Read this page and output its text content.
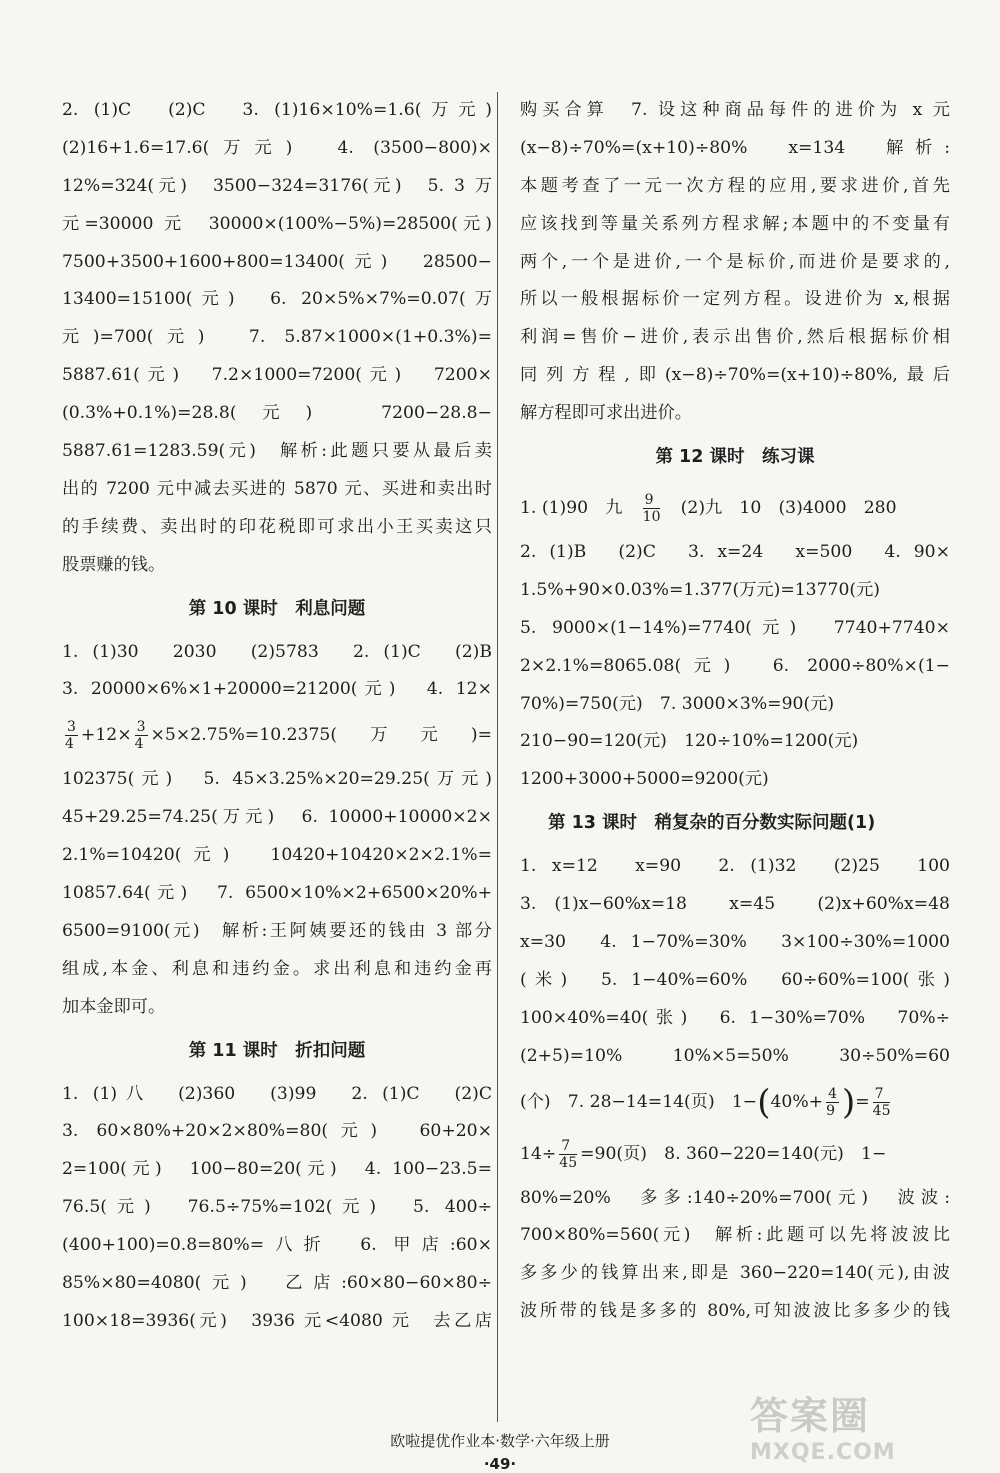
2. (1)C　(2)C　3. (1)16×10%=1.6(万元)
(2)16+1.6=17.6(万元)　4. (3500−800)×
12%=324(元)　3500−324=3176(元)　5. 3 万
元=30000 元　30000×(100%−5%)=28500(元)
7500+3500+1600+800=13400(元)　28500−
13400=15100(元)　6. 20×5%×7%=0.07(万
元)=700(元)　7. 5.87×1000×(1+0.3%)=
5887.61(元)　7.2×1000=7200(元)　7200×
(0.3%+0.1%)=28.8(元)　7200−28.8−
5887.61=1283.59(元)　解析:此题只要从最后卖
出的 7200 元中减去买进的 5870 元、买进和卖出时
的手续费、卖出时的印花税即可求出小王买卖这只
股票赚的钱。
第 10 课时　利息问题
1. (1)30　2030　(2)5783　2. (1)C　(2)B
3. 20000×6%×1+20000=21200(元)　4. 12×
$\frac{3}{4} +12\times \frac{3}{4} \times 5\times 2.75\%=10.2375$(万元)=
102375(元)　5. 45×3.25%×20=29.25(万元)
45+29.25=74.25(万元)　6. 10000+10000×2×
2.1%=10420(元)　10420+10420×2×2.1%=
10857.64(元)　7. 6500×10%×2+6500×20%+
6500=9100(元)　解析:王阿姨要还的钱由 3 部分
组成,本金、利息和违约金。求出利息和违约金再
加本金即可。
第 11 课时　折扣问题
1. (1)八　(2)360　(3)99　2. (1)C　(2)C
3. 60×80%+20×2×80%=80(元)　60+20×
2=100(元)　100−80=20(元)　4. 100−23.5=
76.5(元)　76.5÷75%=102(元)　5. 400÷
(400+100)=0.8=80%=八折　6. 甲店:60×
85%×80=4080(元)　乙店:60×80−60×80÷
100×18=3936(元)　3936 元<4080 元　去乙店
购买合算　7. 设这种商品每件的进价为 x 元
(x−8)÷70%=(x+10)÷80%　x=134　解析:
本题考查了一元一次方程的应用,要求进价,首先
应该找到等量关系列方程求解;本题中的不变量有
两个,一个是进价,一个是标价,而进价是要求的,
所以一般根据标价一定列方程。设进价为 x,根据
利润=售价−进价,表示出售价,然后根据标价相
同列方程,即(x−8)÷70%=(x+10)÷80%,最后
解方程即可求出进价。
第 12 课时　练习课
1. (1)90　九　 $\frac{9}{10}$ 　(2)九　10　(3)4000　280
2. (1)B　(2)C　3. x=24　x=500　4. 90×
1.5%+90×0.03%=1.377(万元)=13770(元)
5. 9000×(1−14%)=7740(元)　7740+7740×
2×2.1%=8065.08(元)　6. 2000÷80%×(1−
70%)=750(元)　7. 3000×3%=90(元)
210−90=120(元)　120÷10%=1200(元)
1200+3000+5000=9200(元)
第 13 课时　稍复杂的百分数实际问题(1)
1. x=12　x=90　2. (1)32　(2)25　100
3. (1)x−60%x=18　x=45　(2)x+60%x=48
x=30　4. 1−70%=30%　3×100÷30%=1000
(米)　5. 1−40%=60%　60÷60%=100(张)
100×40%=40(张)　6. 1−30%=70%　70%÷
(2+5)=10%　10%×5=50%　30÷50%=60
(个)　7. 28−14=14(页)　$1-(40\%+ \frac{4}{9}$ )= $\frac{7}{45}$
$14\div \frac{7}{45} =90$(页)　8. 360−220=140(元)　1−
80%=20%　多多:140÷20%=700(元)　波波:
700×80%=560(元)　解析:此题可以先将波波比
多多少的钱算出来,即是 360−220=140(元),由波
波所带的钱是多多的 80%,可知波波比多多少的钱
欧啦提优作业本·数学·六年级上册
·49·
答案圈
MXQE.COM
